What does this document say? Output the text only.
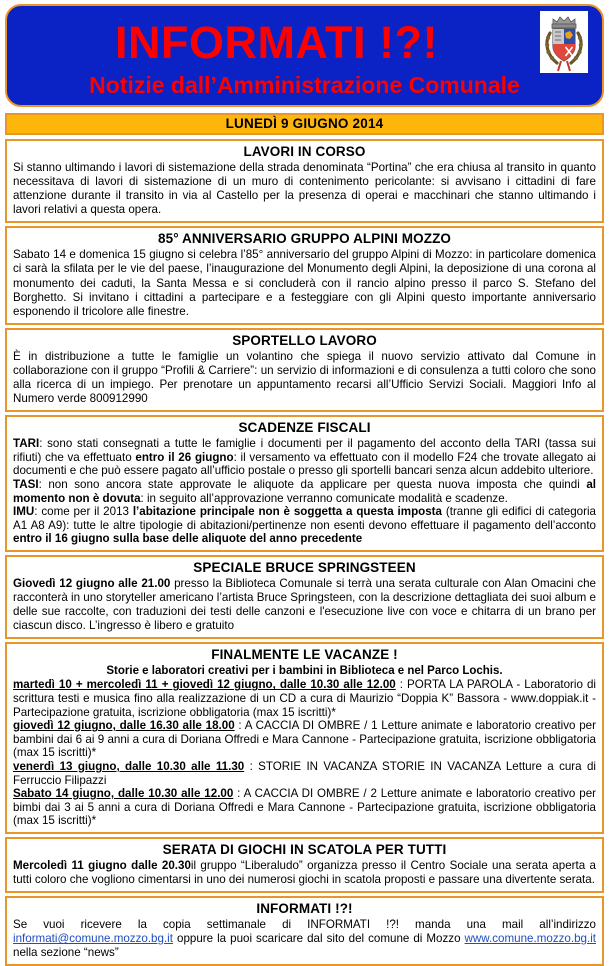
INFORMATI !?!
Notizie dall’Amministrazione Comunale
LUNEDÌ 9 GIUGNO 2014
LAVORI IN CORSO
Si stanno ultimando i lavori di sistemazione della strada denominata “Portina” che era chiusa al transito in quanto necessitava di lavori di sistemazione di un muro di contenimento pericolante: si avvisano i cittadini di fare attenzione durante il transito in via al Castello per la presenza di operai e macchinari che stanno ultimando i lavori relativi a questa opera.
85° ANNIVERSARIO GRUPPO ALPINI MOZZO
Sabato 14 e domenica 15 giugno si celebra l’85° anniversario del gruppo Alpini di Mozzo: in particolare domenica ci sarà la sfilata per le vie del paese, l’inaugurazione del Monumento degli Alpini, la deposizione di una corona al monumento dei caduti, la Santa Messa e si concluderà con il rancio alpino presso il parco S. Stefano del Borghetto. Si invitano i cittadini a partecipare e a festeggiare con gli Alpini questo importante anniversario esponendo il tricolore alle finestre.
SPORTELLO LAVORO
È in distribuzione a tutte le famiglie un volantino che spiega il nuovo servizio attivato dal Comune in collaborazione con il gruppo “Profili & Carriere”: un servizio di informazioni e di consulenza a tutti coloro che sono alla ricerca di un impiego. Per prenotare un appuntamento recarsi all’Ufficio Servizi Sociali. Maggiori Info al Numero verde 800912990
SCADENZE FISCALI
TARI: sono stati consegnati a tutte le famiglie i documenti per il pagamento del acconto della TARI (tassa sui rifiuti) che va effettuato entro il 26 giugno: il versamento va effettuato con il modello F24 che trovate allegato ai documenti e che può essere pagato all’ufficio postale o presso gli sportelli bancari senza alcun addebito ulteriore.
TASI: non sono ancora state approvate le aliquote da applicare per questa nuova imposta che quindi al momento non è dovuta: in seguito all’approvazione verranno comunicate modalità e scadenze.
IMU: come per il 2013 l’abitazione principale non è soggetta a questa imposta (tranne gli edifici di categoria A1 A8 A9): tutte le altre tipologie di abitazioni/pertinenze non esenti devono effettuare il pagamento dell’acconto entro il 16 giugno sulla base delle aliquote del anno precedente
SPECIALE BRUCE SPRINGSTEEN
Giovedì 12 giugno alle 21.00 presso la Biblioteca Comunale si terrà una serata culturale con Alan Omacini che racconterà in uno storyteller americano l’artista Bruce Springsteen, con la descrizione dettagliata dei suoi album e delle sue raccolte, con traduzioni dei testi delle canzoni e l'esecuzione live con voce e chitarra di un brano per ciascun disco. L’ingresso è libero e gratuito
FINALMENTE LE VACANZE !
Storie e laboratori creativi per i bambini in Biblioteca e nel Parco Lochis.
martedì 10 + mercoledì 11 + giovedì 12 giugno, dalle 10.30 alle 12.00 : PORTA LA PAROLA - Laboratorio di scrittura testi e musica fino alla realizzazione di un CD a cura di Maurizio “Doppia K” Bassora - www.doppiak.it - Partecipazione gratuita, iscrizione obbligatoria (max 15 iscritti)*
giovedì 12 giugno, dalle 16.30 alle 18.00 : A CACCIA DI OMBRE / 1 Letture animate e laboratorio creativo per bambini dai 6 ai 9 anni a cura di Doriana Offredi e Mara Cannone - Partecipazione gratuita, iscrizione obbligatoria (max 15 iscritti)*
venerdì 13 giugno, dalle 10.30 alle 11.30 : STORIE IN VACANZA STORIE IN VACANZA Letture a cura di Ferruccio Filipazzi
Sabato 14 giugno, dalle 10.30 alle 12.00 : A CACCIA DI OMBRE / 2 Letture animate e laboratorio creativo per bimbi dai 3 ai 5 anni a cura di Doriana Offredi e Mara Cannone - Partecipazione gratuita, iscrizione obbligatoria (max 15 iscritti)*
SERATA DI GIOCHI IN SCATOLA PER TUTTI
Mercoledì 11 giugno dalle 20.30il gruppo “Liberaludo” organizza presso il Centro Sociale una serata aperta a tutti coloro che vogliono cimentarsi in uno dei numerosi giochi in scatola proposti e passare una divertente serata.
INFORMATI !?!
Se vuoi ricevere la copia settimanale di INFORMATI !?! manda una mail all’indirizzo informati@comune.mozzo.bg.it oppure la puoi scaricare dal sito del comune di Mozzo www.comune.mozzo.bg.it nella sezione “news”
